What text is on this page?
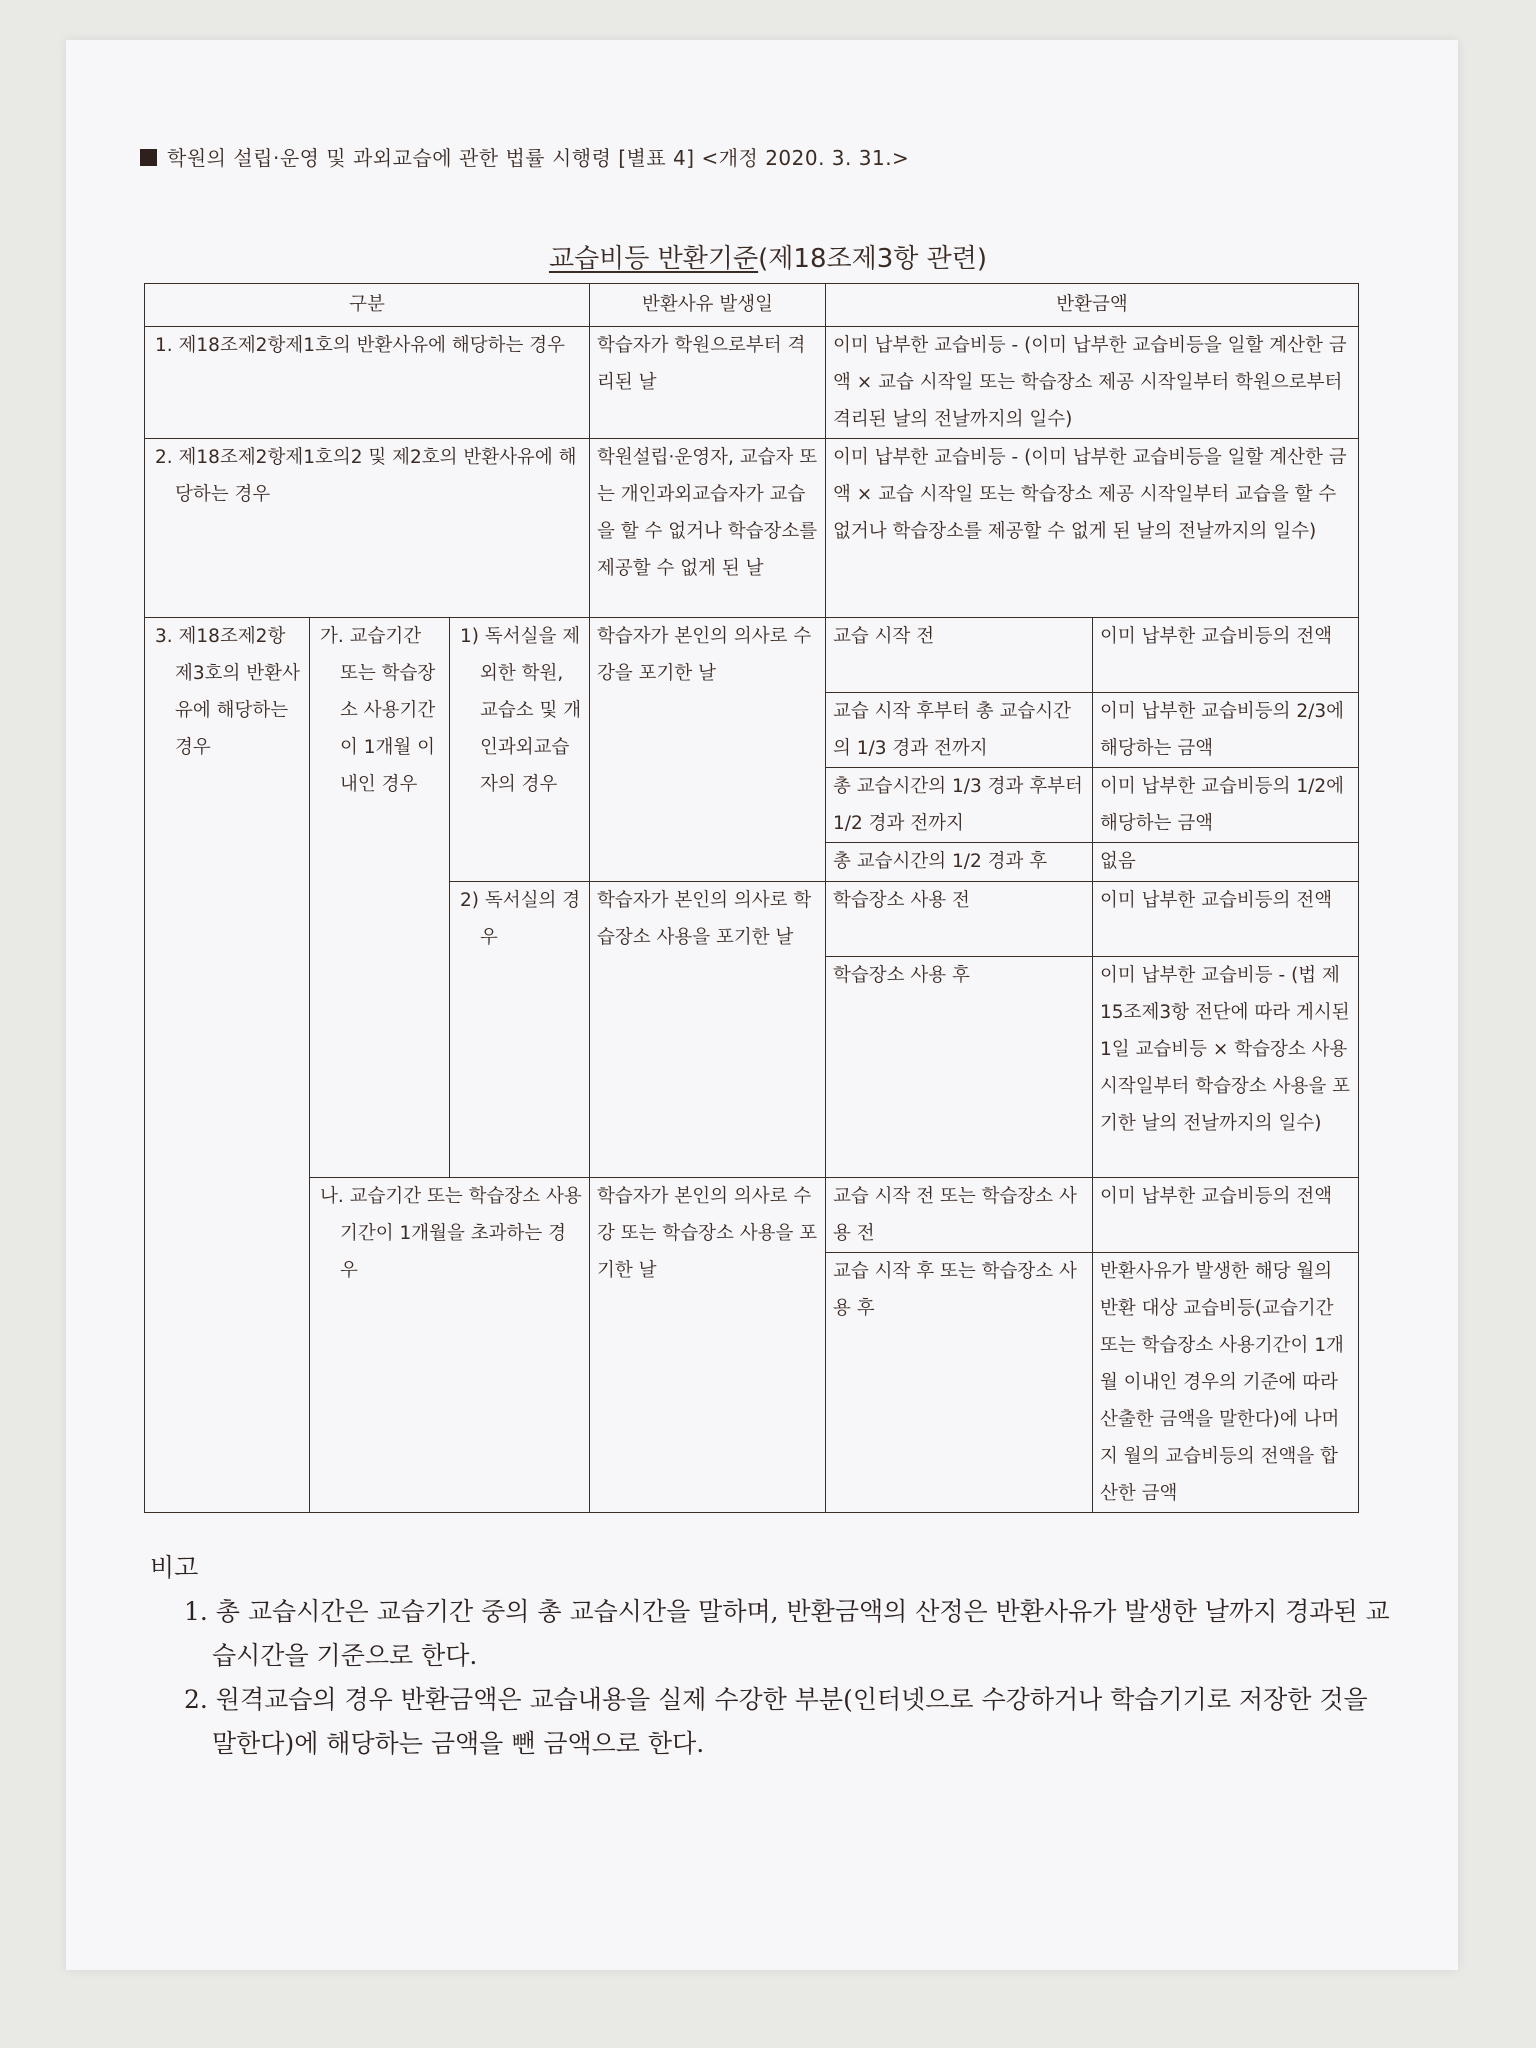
학원의 설립·운영 및 과외교습에 관한 법률 시행령 [별표 4] <개정 2020. 3. 31.>
교습비등 반환기준(제18조제3항 관련)
구분			반환사유 발생일	반환금액	
1. 제18조제2항제1호의 반환사유에 해당하는 경우			학습자가 학원으로부터 격리된 날	이미 납부한 교습비등 - (이미 납부한 교습비등을 일할 계산한 금액 × 교습 시작일 또는 학습장소 제공 시작일부터 학원으로부터 격리된 날의 전날까지의 일수)	
2. 제18조제2항제1호의2 및 제2호의 반환사유에 해당하는 경우			학원설립·운영자, 교습자 또는 개인과외교습자가 교습을 할 수 없거나 학습장소를 제공할 수 없게 된 날	이미 납부한 교습비등 - (이미 납부한 교습비등을 일할 계산한 금액 × 교습 시작일 또는 학습장소 제공 시작일부터 교습을 할 수 없거나 학습장소를 제공할 수 없게 된 날의 전날까지의 일수)	
3. 제18조제2항제3호의 반환사유에 해당하는 경우	가. 교습기간 또는 학습장소 사용기간이 1개월 이내인 경우	1) 독서실을 제외한 학원, 교습소 및 개인과외교습자의 경우	학습자가 본인의 의사로 수강을 포기한 날	교습 시작 전	이미 납부한 교습비등의 전액
				교습 시작 후부터 총 교습시간의 1/3 경과 전까지	이미 납부한 교습비등의 2/3에 해당하는 금액
				총 교습시간의 1/3 경과 후부터 1/2 경과 전까지	이미 납부한 교습비등의 1/2에 해당하는 금액
				총 교습시간의 1/2 경과 후	없음
		2) 독서실의 경우	학습자가 본인의 의사로 학습장소 사용을 포기한 날	학습장소 사용 전	이미 납부한 교습비등의 전액
				학습장소 사용 후	이미 납부한 교습비등 - (법 제15조제3항 전단에 따라 게시된 1일 교습비등 × 학습장소 사용 시작일부터 학습장소 사용을 포기한 날의 전날까지의 일수)

	나. 교습기간 또는 학습장소 사용기간이 1개월을 초과하는 경우		학습자가 본인의 의사로 수강 또는 학습장소 사용을 포기한 날	교습 시작 전 또는 학습장소 사용 전	이미 납부한 교습비등의 전액
				교습 시작 후 또는 학습장소 사용 후	반환사유가 발생한 해당 월의 반환 대상 교습비등(교습기간 또는 학습장소 사용기간이 1개월 이내인 경우의 기준에 따라 산출한 금액을 말한다)에 나머지 월의 교습비등의 전액을 합산한 금액
비고
1. 총 교습시간은 교습기간 중의 총 교습시간을 말하며, 반환금액의 산정은 반환사유가 발생한 날까지 경과된 교습시간을 기준으로 한다.
2. 원격교습의 경우 반환금액은 교습내용을 실제 수강한 부분(인터넷으로 수강하거나 학습기기로 저장한 것을 말한다)에 해당하는 금액을 뺀 금액으로 한다.
